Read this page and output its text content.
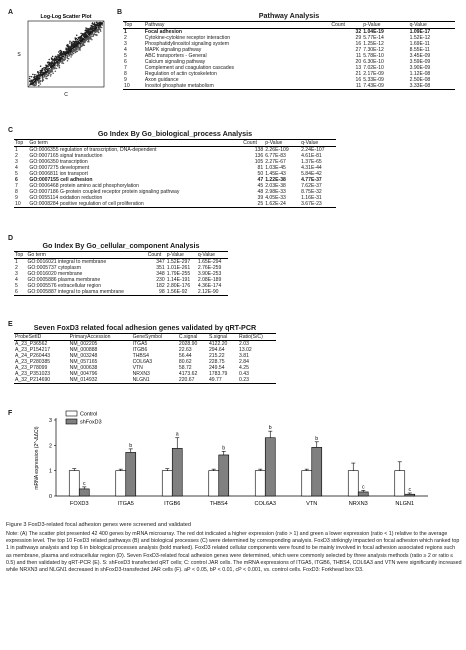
A
Log-Log Scatter Plot
S
C
B	Pathway Analysis
Top	Pathway	Count	p-Value	q-Value
1	Focal adhesion	32	1.04E-19	1.09E-17
2	Cytokine-cytokine receptor interaction	29	5.77E-14	1.52E-12
3	Phosphatidylinositol signaling system	16	1.25E-12	1.69E-11
4	MAPK signaling pathway	27	7.30E-12	8.55E-11
5	ABC transporters - General	11	5.78E-10	3.45E-09
6	Calcium signaling pathway	20	6.30E-10	3.59E-09
7	Complement and coagulation cascades	13	7.02E-10	3.90E-09
8	Regulation of actin cytoskeleton	21	2.17E-09	1.12E-08
9	Axon guidance	16	5.33E-09	2.50E-08
10	Inositol phosphate metabolism	11	7.43E-09	3.33E-08
C	Go Index By Go_biological_process Analysis
Top	Go term	Count	p-Value	q-Value
1	GO:0006355 regulation of transcription, DNA-dependent	138	2.26E-109	2.24E-107
2	GO:0007165 signal transduction	136	6.77E-83	4.61E-81
3	GO:0006350 transcription	105	2.27E-67	1.37E-65
4	GO:0007275 development	81	1.03E-45	4.31E-44
5	GO:0006811 ion transport	50	1.45E-43	5.84E-42
6	GO:0007155 cell adhesion	47	1.22E-38	4.77E-37
7	GO:0006468 protein amino acid phosphorylation	45	2.03E-38	7.62E-37
8	GO:0007186 G-protein coupled receptor protein signaling pathway	48	2.98E-33	8.75E-32
9	GO:0055114 oxidation reduction	39	4.05E-33	1.16E-31
10	GO:0008284 positive regulation of cell proliferation	25	1.62E-24	3.67E-23
D
Go Index By Go_cellular_component Analysis
Top	Go term	Count	p-Value	q-Value
1	GO:0016021 integral to membrane	347	1.52E-297	1.65E-294
2	GO:0005737 cytoplasm	351	1.01E-261	2.76E-259
3	GO:0016020 membrane	348	1.79E-255	3.90E-253
4	GO:0005886 plasma membrane	230	1.14E-191	2.08E-189
5	GO:0005576 extracellular region	182	2.80E-176	4.36E-174
6	GO:0005887 integral to plasma membrane	98	1.56E-92	2.12E-90
E	Seven FoxD3 related focal adhesion genes validated by qRT-PCR
ProbeSetID	PrimaryAccession	GeneSymbol	C.signal	S.signal	Ratio(S/C)
A_23_P36562	NM_002205	ITGA5	2028.90	4122.20	2.03
A_23_P154217	NM_000888	ITGB6	22.63	294.64	13.02
A_24_P260443	NM_003248	THBS4	56.44	215.22	3.81
A_23_P280385	NM_057165	COL6A3	80.62	228.75	2.84
A_23_P78099	NM_000638	VTN	58.72	249.54	4.25
A_23_P351023	NM_004796	NRXN3	4173.62	1783.79	0.43
A_32_P214690	NM_014932	NLGN1	220.67	49.77	0.23
F
0
1
2
3
mRNA expression (2^-ΔΔCt)	c
FOXD3
b
ITGA5
a
ITGB6
b
THBS4
b
COL6A3
b
VTN
c
NRXN3
c
NLGN1
Control
shFoxD3
Figure 3 FoxD3-related focal adhesion genes were screened and validated
Note: (A) The scatter plot presented 42 400 genes by mRNA microarray. The red dot indicated a higher expression (ratio > 1) and green a lower expression (ratio < 1) relative to the average expression level. The top 10 FoxD3 related pathways (B) and biological processes (C) were determined by corresponding analysis. FoxD3 strikingly impacted on focal adhesion which ranked top 1 in pathways analysis and top 6 in biological processes analysis (bold marked). FoxD3 related cellular components were found to be mainly involved in focal adhesion associated regions such as membrane, plasma and extracellular region (D). Seven FoxD3-related focal adhesion genes were determined, which were commonly selected by three analysis methods (ratio ≥ 2 or ratio ≤ 0.5) and then validated by qRT-PCR (E). S: shFoxD3 transfected qRT cells; C: control JAR cells. The mRNA expressions of ITGA5, ITGB6, THBS4, COL6A3 and VTN were significantly increased while NRXN3 and NLGN1 decreased in shFoxD3-transfected JAR cells (F). aP < 0.05, bP < 0.01, cP < 0.001, vs. control cells. FoxD3: Forkhead box D3.
